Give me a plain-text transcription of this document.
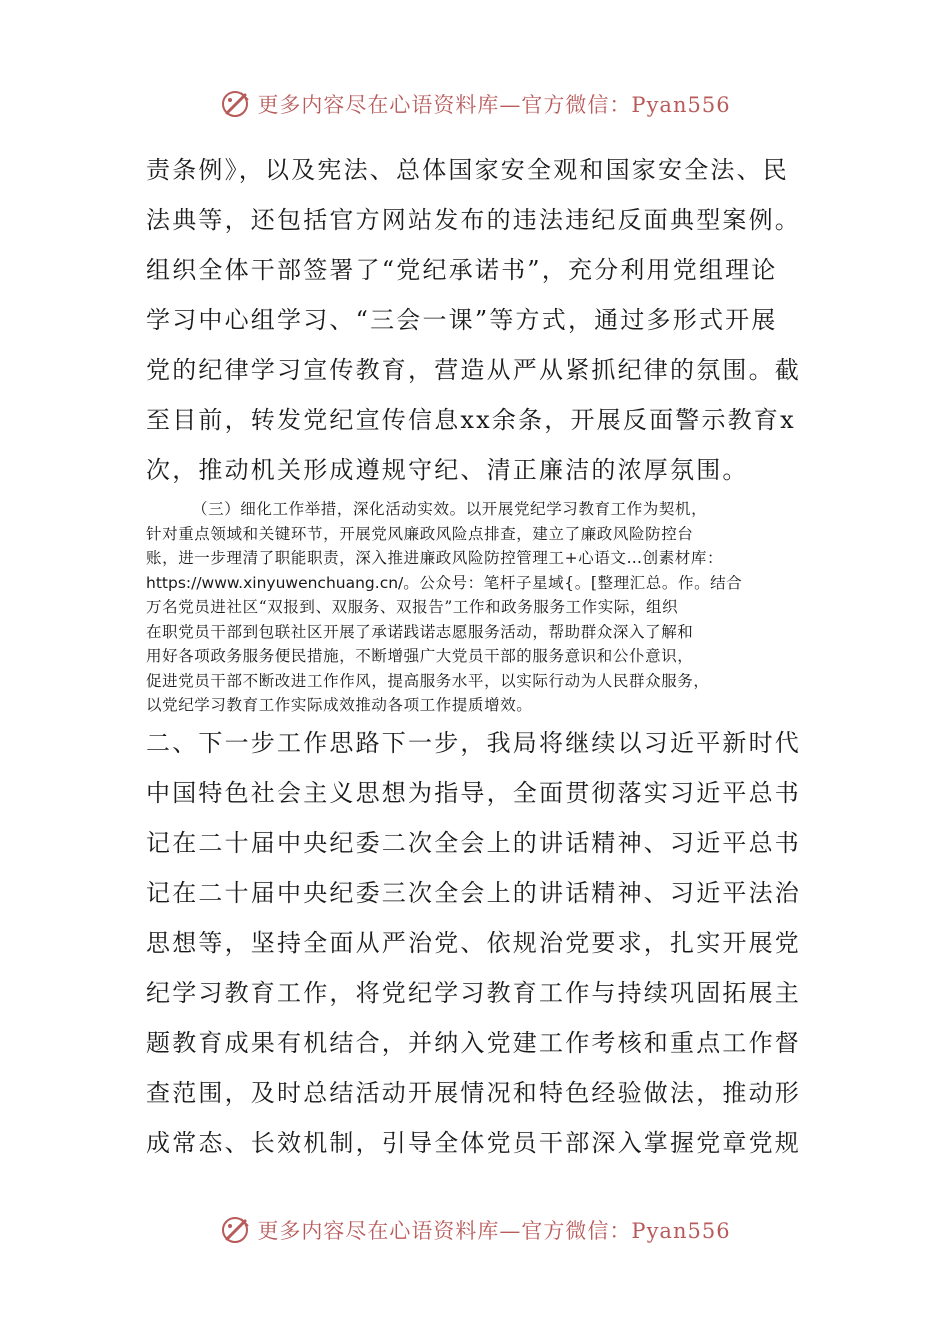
更多内容尽在心语资料库—官方微信：Pyan556
责条例》，以及宪法、总体国家安全观和国家安全法、民
法典等，还包括官方网站发布的违法违纪反面典型案例。
组织全体干部签署了“党纪承诺书”，充分利用党组理论
学习中心组学习、“三会一课”等方式，通过多形式开展
党的纪律学习宣传教育，营造从严从紧抓纪律的氛围。截
至目前，转发党纪宣传信息xx余条，开展反面警示教育x
次，推动机关形成遵规守纪、清正廉洁的浓厚氛围。
（三）细化工作举措，深化活动实效。以开展党纪学习教育工作为契机，
针对重点领域和关键环节，开展党风廉政风险点排查，建立了廉政风险防控台
账，进一步理清了职能职责，深入推进廉政风险防控管理工+心语文…创素材库：
https://www.xinyuwenchuang.cn/。公众号：笔杆子星域{。[整理汇总。作。结合
万名党员进社区“双报到、双服务、双报告”工作和政务服务工作实际，组织
在职党员干部到包联社区开展了承诺践诺志愿服务活动，帮助群众深入了解和
用好各项政务服务便民措施，不断增强广大党员干部的服务意识和公仆意识，
促进党员干部不断改进工作作风，提高服务水平，以实际行动为人民群众服务，
以党纪学习教育工作实际成效推动各项工作提质增效。
二、下一步工作思路下一步，我局将继续以习近平新时代
中国特色社会主义思想为指导，全面贯彻落实习近平总书
记在二十届中央纪委二次全会上的讲话精神、习近平总书
记在二十届中央纪委三次全会上的讲话精神、习近平法治
思想等，坚持全面从严治党、依规治党要求，扎实开展党
纪学习教育工作，将党纪学习教育工作与持续巩固拓展主
题教育成果有机结合，并纳入党建工作考核和重点工作督
查范围，及时总结活动开展情况和特色经验做法，推动形
成常态、长效机制，引导全体党员干部深入掌握党章党规
更多内容尽在心语资料库—官方微信：Pyan556
